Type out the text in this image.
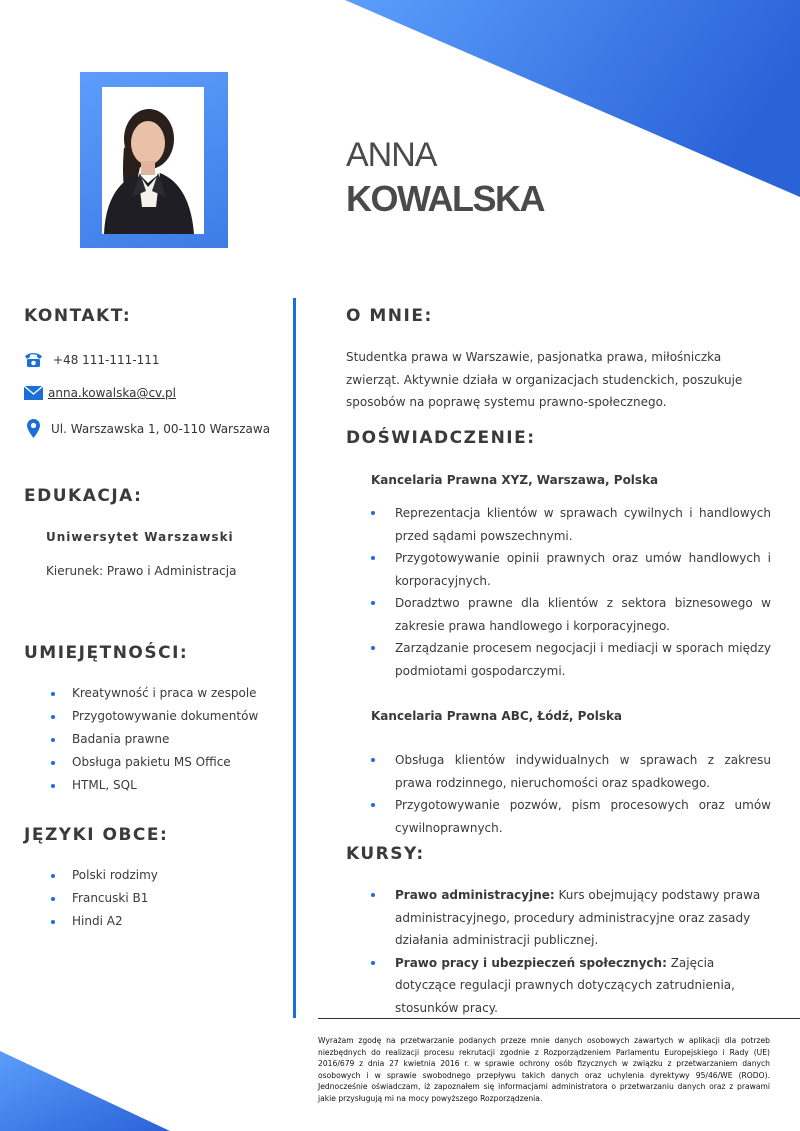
ANNA
KOWALSKA
KONTAKT:
+48 111-111-111
anna.kowalska@cv.pl
Ul. Warszawska 1, 00-110 Warszawa
EDUKACJA:
Uniwersytet Warszawski
Kierunek: Prawo i Administracja
UMIEJĘTNOŚCI:
Kreatywność i praca w zespole
Przygotowywanie dokumentów
Badania prawne
Obsługa pakietu MS Office
HTML, SQL
JĘZYKI OBCE:
Polski rodzimy
Francuski B1
Hindi A2
O MNIE:
Studentka prawa w Warszawie, pasjonatka prawa, miłośniczka zwierząt. Aktywnie działa w organizacjach studenckich, poszukuje sposobów na poprawę systemu prawno-społecznego.
DOŚWIADCZENIE:
Kancelaria Prawna XYZ, Warszawa, Polska
Reprezentacja klientów w sprawach cywilnych i handlowych przed sądami powszechnymi.
Przygotowywanie opinii prawnych oraz umów handlowych i korporacyjnych.
Doradztwo prawne dla klientów z sektora biznesowego w zakresie prawa handlowego i korporacyjnego.
Zarządzanie procesem negocjacji i mediacji w sporach między podmiotami gospodarczymi.
Kancelaria Prawna ABC, Łódź, Polska
Obsługa klientów indywidualnych w sprawach z zakresu prawa rodzinnego, nieruchomości oraz spadkowego.
Przygotowywanie pozwów, pism procesowych oraz umów cywilnoprawnych.
KURSY:
Prawo administracyjne: Kurs obejmujący podstawy prawa administracyjnego, procedury administracyjne oraz zasady działania administracji publicznej.
Prawo pracy i ubezpieczeń społecznych: Zajęcia dotyczące regulacji prawnych dotyczących zatrudnienia, stosunków pracy.
Wyrażam zgodę na przetwarzanie podanych przeze mnie danych osobowych zawartych w aplikacji dla potrzeb niezbędnych do realizacji procesu rekrutacji zgodnie z Rozporządzeniem Parlamentu Europejskiego i Rady (UE) 2016/679 z dnia 27 kwietnia 2016 r. w sprawie ochrony osób fizycznych w związku z przetwarzaniem danych osobowych i w sprawie swobodnego przepływu takich danych oraz uchylenia dyrektywy 95/46/WE (RODO). Jednocześnie oświadczam, iż zapoznałem się informacjami administratora o przetwarzaniu danych oraz z prawami jakie przysługują mi na mocy powyższego Rozporządzenia.
